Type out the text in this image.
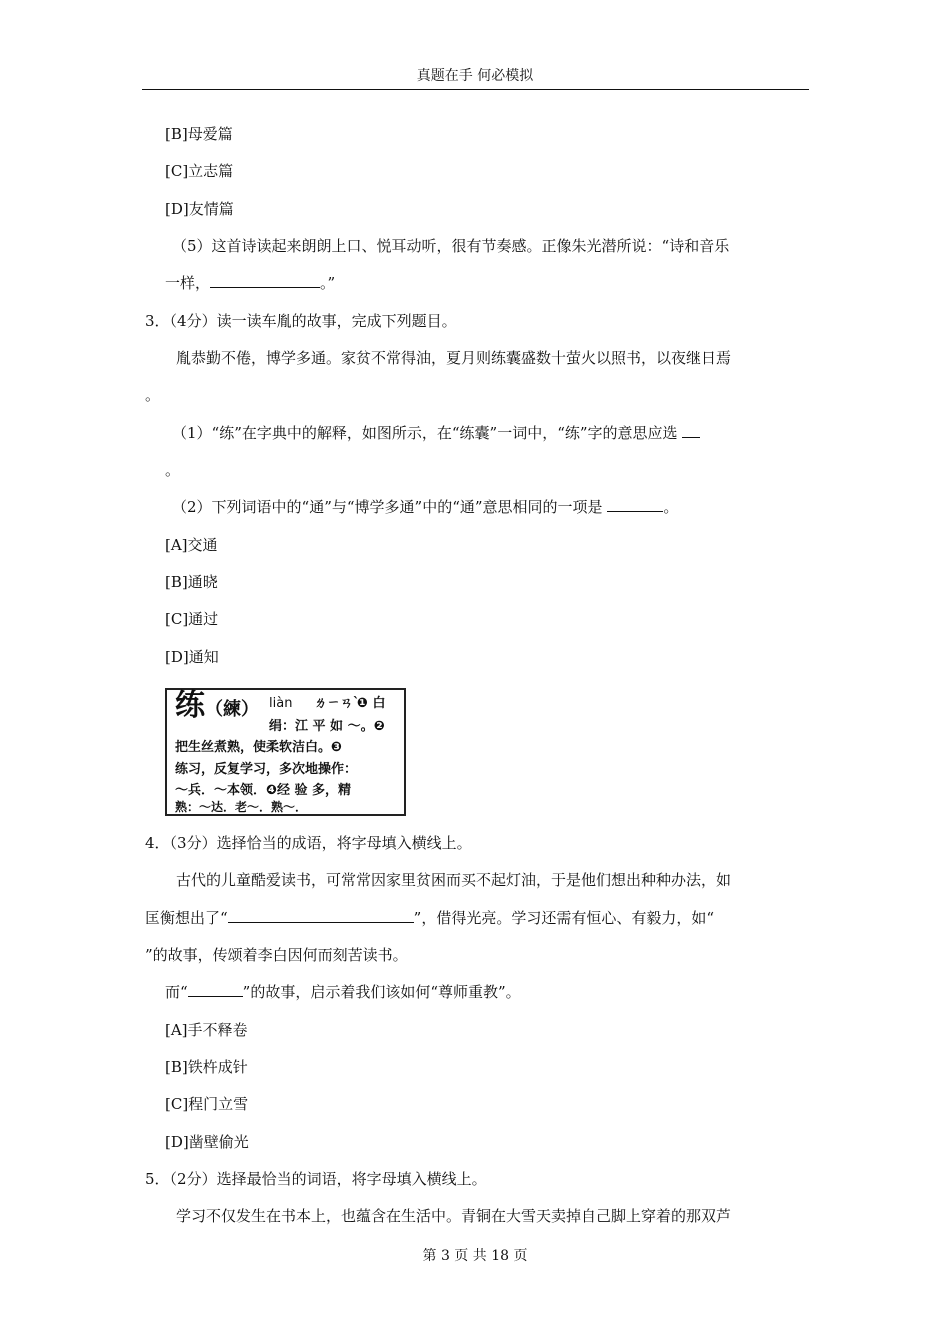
真题在手 何必模拟
[B]母爱篇
[C]立志篇
[D]友情篇
（5）这首诗读起来朗朗上口、悦耳动听，很有节奏感。正像朱光潜所说：“诗和音乐
一样，	。”
3．（4分）读一读车胤的故事，完成下列题目。
胤恭勤不倦，博学多通。家贫不常得油，夏月则练囊盛数十萤火以照书，以夜继日焉
。
（1）“练”在字典中的解释，如图所示，在“练囊”一词中，“练”字的意思应选
。
（2）下列词语中的“通”与“博学多通”中的“通”意思相同的一项是	。
[A]交通
[B]通晓
[C]通过
[D]通知
练（練） liàn ㄌㄧㄢˋ
❶ 白
绢：江 平 如 ～。❷
把生丝煮熟，使柔软洁白。❸
练习，反复学习，多次地操作：
～兵．～本领．❹经 验 多，精
熟：～达．老～．熟～．
4．（3分）选择恰当的成语，将字母填入横线上。
古代的儿童酷爱读书，可常常因家里贫困而买不起灯油，于是他们想出种种办法，如
匡衡想出了“	”，借得光亮。学习还需有恒心、有毅力，如“
”的故事，传颂着李白因何而刻苦读书。
而“	”的故事，启示着我们该如何“尊师重教”。
[A]手不释卷
[B]铁杵成针
[C]程门立雪
[D]凿壁偷光
5．（2分）选择最恰当的词语，将字母填入横线上。
学习不仅发生在书本上，也蕴含在生活中。青铜在大雪天卖掉自己脚上穿着的那双芦
第 3 页 共 18 页
